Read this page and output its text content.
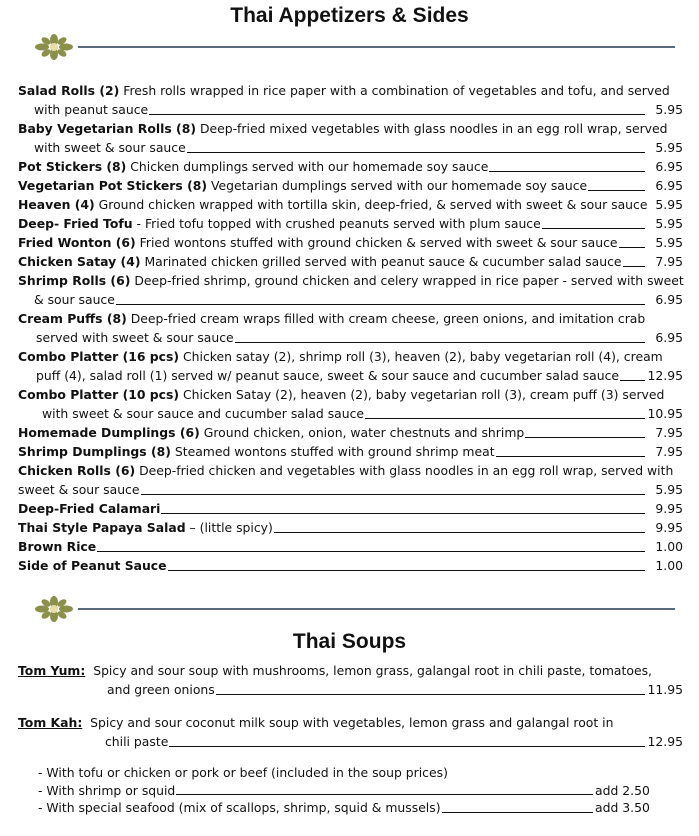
Thai Appetizers & Sides
Salad Rolls (2) Fresh rolls wrapped in rice paper with a combination of vegetables and tofu, and served
with peanut sauce	5.95
Baby Vegetarian Rolls (8) Deep-fried mixed vegetables with glass noodles in an egg roll wrap, served
with sweet & sour sauce	5.95
Pot Stickers (8)
Chicken dumplings served with our homemade soy sauce	6.95
Vegetarian Pot Stickers (8)
Vegetarian dumplings served with our homemade soy sauce	6.95
Heaven (4)
Ground chicken wrapped with tortilla skin, deep-fried, & served with sweet & sour sauce 5.95
Deep- Fried Tofu
- Fried tofu topped with crushed peanuts served with plum sauce	5.95
Fried Wonton (6)
Fried wontons stuffed with ground chicken & served with sweet & sour sauce	5.95
Chicken Satay (4)
Marinated chicken grilled served with peanut sauce & cucumber salad sauce	7.95
Shrimp Rolls (6) Deep-fried shrimp, ground chicken and celery wrapped in rice paper - served with sweet
& sour sauce	6.95
Cream Puffs (8) Deep-fried cream wraps filled with cream cheese, green onions, and imitation crab
served with sweet & sour sauce	6.95
Combo Platter (16 pcs) Chicken satay (2), shrimp roll (3), heaven (2), baby vegetarian roll (4), cream
puff (4), salad roll (1) served w/ peanut sauce, sweet & sour sauce and cucumber salad sauce 12.95
Combo Platter (10 pcs) Chicken Satay (2), heaven (2), baby vegetarian roll (3), cream puff (3) served
with sweet & sour sauce and cucumber salad sauce	10.95
Homemade Dumplings (6)
Ground chicken, onion, water chestnuts and shrimp	7.95
Shrimp Dumplings (8)
Steamed wontons stuffed with ground shrimp meat	7.95
Chicken Rolls (6) Deep-fried chicken and vegetables with glass noodles in an egg roll wrap, served with
sweet & sour sauce	5.95
Deep-Fried Calamari	9.95
Thai Style Papaya Salad
– (little spicy)	9.95
Brown Rice	1.00
Side of Peanut Sauce	1.00
Thai Soups
Tom Yum: Spicy and sour soup with mushrooms, lemon grass, galangal root in chili paste, tomatoes,
and green onions	11.95
Tom Kah: Spicy and sour coconut milk soup with vegetables, lemon grass and galangal root in
chili paste	12.95
- With tofu or chicken or pork or beef (included in the soup prices)
- With shrimp or squid	add 2.50
- With special seafood (mix of scallops, shrimp, squid & mussels)	add 3.50
